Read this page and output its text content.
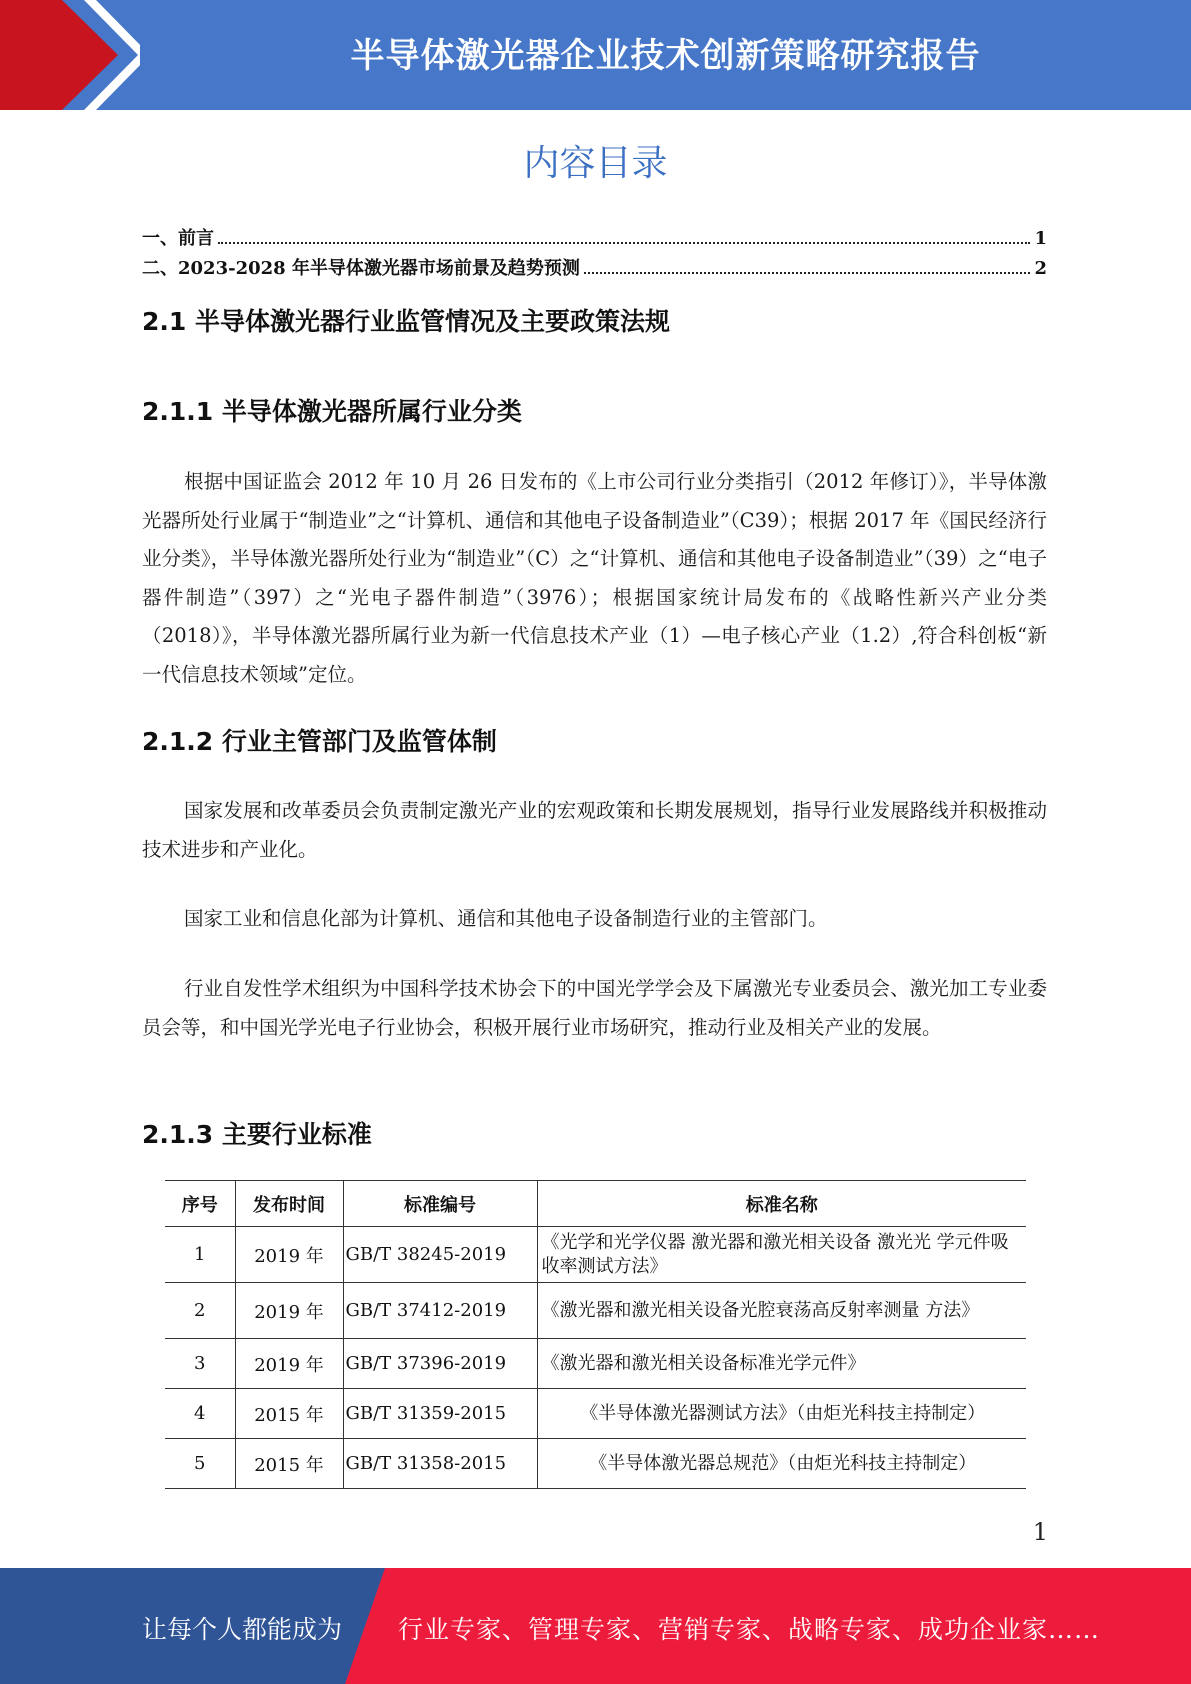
半导体激光器企业技术创新策略研究报告
内容目录
一、前言	1
二、2023-2028 年半导体激光器市场前景及趋势预测	2
2.1 半导体激光器行业监管情况及主要政策法规
2.1.1 半导体激光器所属行业分类
根据中国证监会 2012 年 10 月 26 日发布的《上市公司行业分类指引（2012 年修订）》，半导体激光器所处行业属于“制造业”之“计算机、通信和其他电子设备制造业”（C39）；根据 2017 年《国民经济行业分类》，半导体激光器所处行业为“制造业”（C）之“计算机、通信和其他电子设备制造业”（39）之“电子器件制造”（397）之“光电子器件制造”（3976）；根据国家统计局发布的《战略性新兴产业分类（2018）》，半导体激光器所属行业为新一代信息技术产业（1）—电子核心产业（1.2）,符合科创板“新一代信息技术领域”定位。
2.1.2 行业主管部门及监管体制
国家发展和改革委员会负责制定激光产业的宏观政策和长期发展规划，指导行业发展路线并积极推动技术进步和产业化。
国家工业和信息化部为计算机、通信和其他电子设备制造行业的主管部门。
行业自发性学术组织为中国科学技术协会下的中国光学学会及下属激光专业委员会、激光加工专业委员会等，和中国光学光电子行业协会，积极开展行业市场研究，推动行业及相关产业的发展。
2.1.3 主要行业标准
序号	发布时间	标准编号	标准名称
1	2019 年	GB/T 38245-2019	《光学和光学仪器 激光器和激光相关设备 激光光 学元件吸收率测试方法》
2	2019 年	GB/T 37412-2019	《激光器和激光相关设备光腔衰荡高反射率测量 方法》
3	2019 年	GB/T 37396-2019	《激光器和激光相关设备标准光学元件》
4	2015 年	GB/T 31359-2015	《半导体激光器测试方法》（由炬光科技主持制定）
5	2015 年	GB/T 31358-2015	《半导体激光器总规范》（由炬光科技主持制定）
1
让每个人都能成为 行业专家、管理专家、营销专家、战略专家、成功企业家……
